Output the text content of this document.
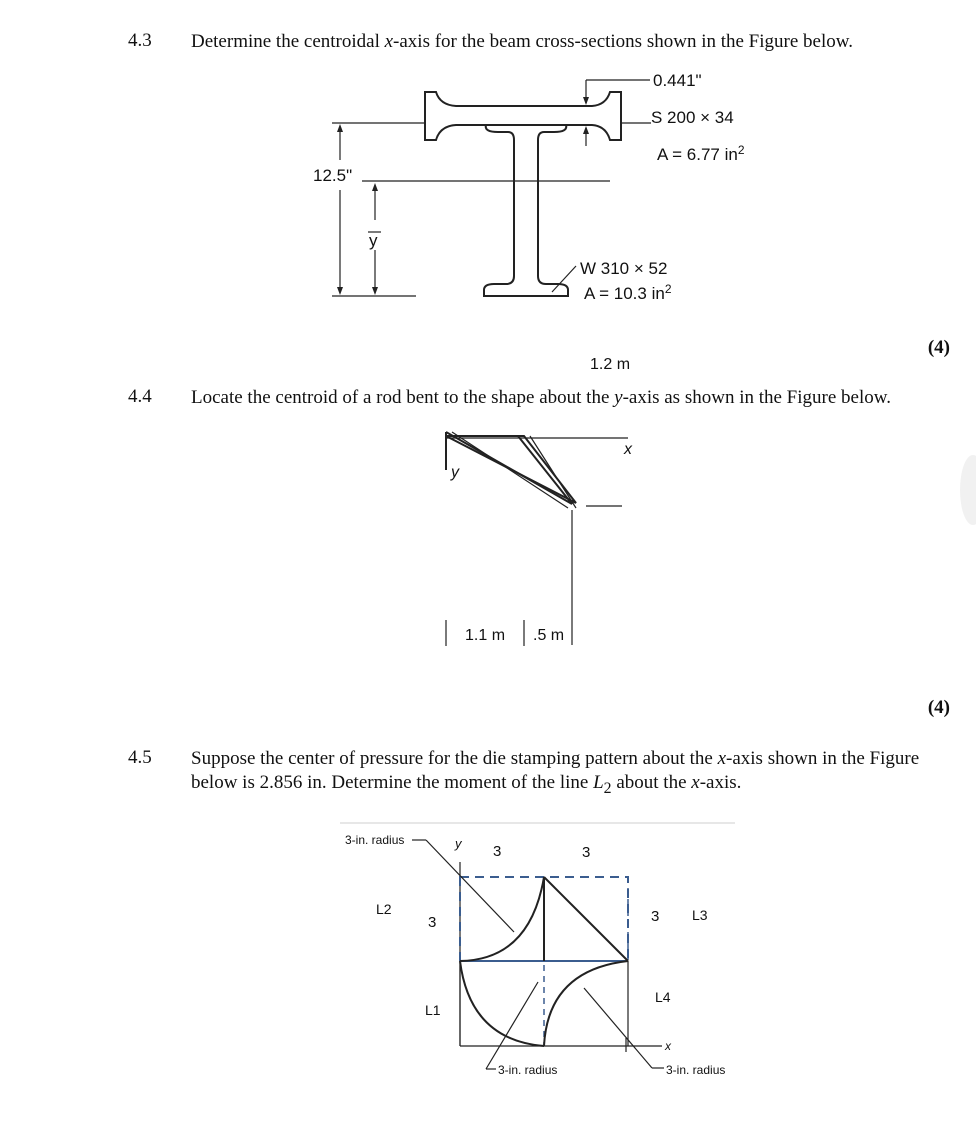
4.3 Determine the centroidal x-axis for the beam cross-sections shown in the Figure below.
0.441"
S 200 × 34
A = 6.77 $in^2$
12.5"
y
W 310 × 52
A = 10.3 $in^2$
(4)
4.4 Locate the centroid of a rod bent to the shape about the y-axis as shown in the Figure below.
y
1.2 m
x
1.1 m .5 m
(4)
4.5 Suppose the center of pressure for the die stamping pattern about the x-axis shown in the Figure below is 2.856 in. Determine the moment of the line $L_2$ about the x-axis.
3-in. radius	y 3	3
L2
3	3 L3
L4
L1
x
3-in. radius	3-in. radius
